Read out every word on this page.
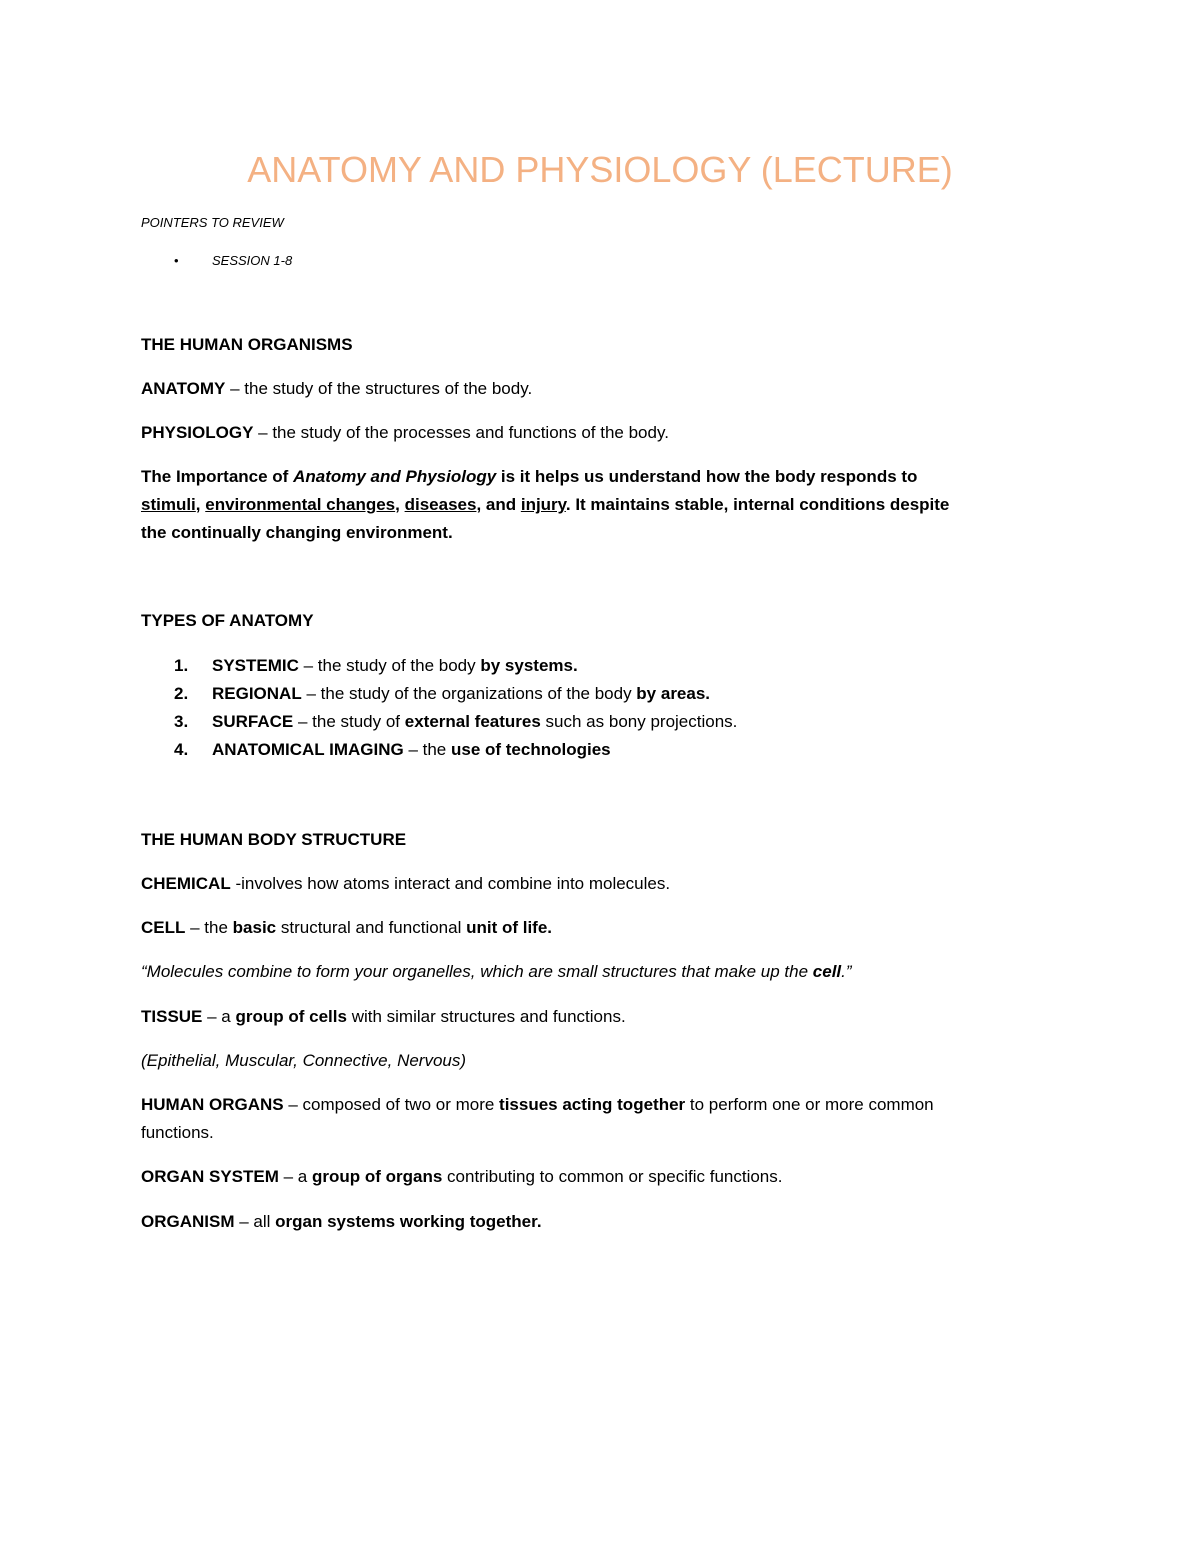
ANATOMY AND PHYSIOLOGY (LECTURE)
POINTERS TO REVIEW
•	SESSION 1-8
THE HUMAN ORGANISMS
ANATOMY – the study of the structures of the body.
PHYSIOLOGY – the study of the processes and functions of the body.
The Importance of Anatomy and Physiology is it helps us understand how the body responds to
stimuli, environmental changes, diseases, and injury. It maintains stable, internal conditions despite
the continually changing environment.
TYPES OF ANATOMY
1. SYSTEMIC – the study of the body by systems.
2. REGIONAL – the study of the organizations of the body by areas.
3. SURFACE – the study of external features such as bony projections.
4. ANATOMICAL IMAGING – the use of technologies
THE HUMAN BODY STRUCTURE
CHEMICAL -involves how atoms interact and combine into molecules.
CELL – the basic structural and functional unit of life.
“Molecules combine to form your organelles, which are small structures that make up the cell.”
TISSUE – a group of cells with similar structures and functions.
(Epithelial, Muscular, Connective, Nervous)
HUMAN ORGANS – composed of two or more tissues acting together to perform one or more common
functions.
ORGAN SYSTEM – a group of organs contributing to common or specific functions.
ORGANISM – all organ systems working together.
